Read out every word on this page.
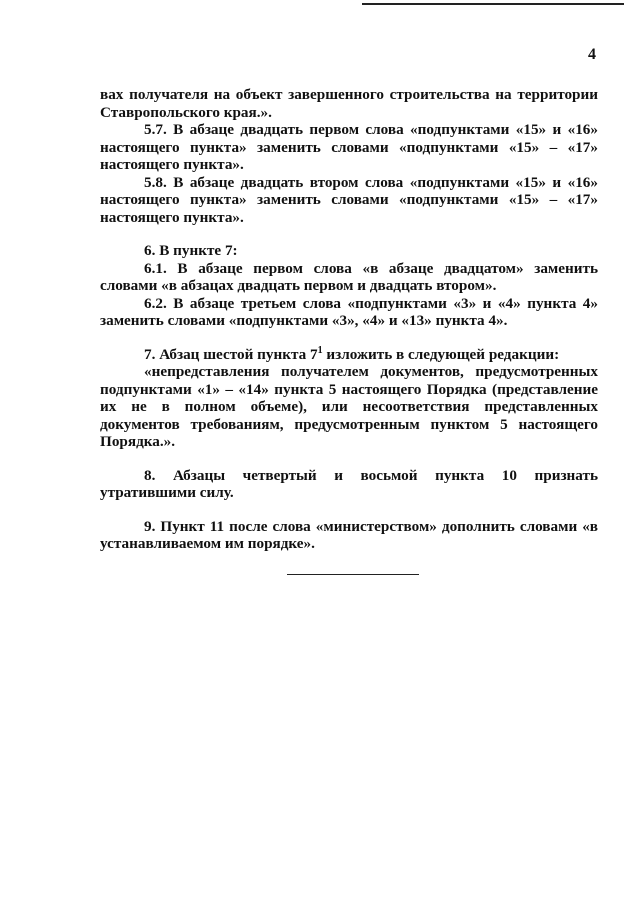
4

вах получателя на объект завершенного строительства на территории Ставропольского края.».

5.7. В абзаце двадцать первом слова «подпунктами «15» и «16» настоящего пункта» заменить словами «подпунктами «15» – «17» настоящего пункта».

5.8. В абзаце двадцать втором слова «подпунктами «15» и «16» настоящего пункта» заменить словами «подпунктами «15» – «17» настоящего пункта».

6. В пункте 7:

6.1. В абзаце первом слова «в абзаце двадцатом» заменить словами «в абзацах двадцать первом и двадцать втором».

6.2. В абзаце третьем слова «подпунктами «3» и «4» пункта 4» заменить словами «подпунктами «3», «4» и «13» пункта 4».

7. Абзац шестой пункта $7^1$ изложить в следующей редакции:

«непредставления получателем документов, предусмотренных подпунктами «1» – «14» пункта 5 настоящего Порядка (представление их не в полном объеме), или несоответствия представленных документов требованиям, предусмотренным пунктом 5 настоящего Порядка.».

8. Абзацы четвертый и восьмой пункта 10 признать утратившими силу.

9. Пункт 11 после слова «министерством» дополнить словами «в устанавливаемом им порядке».
